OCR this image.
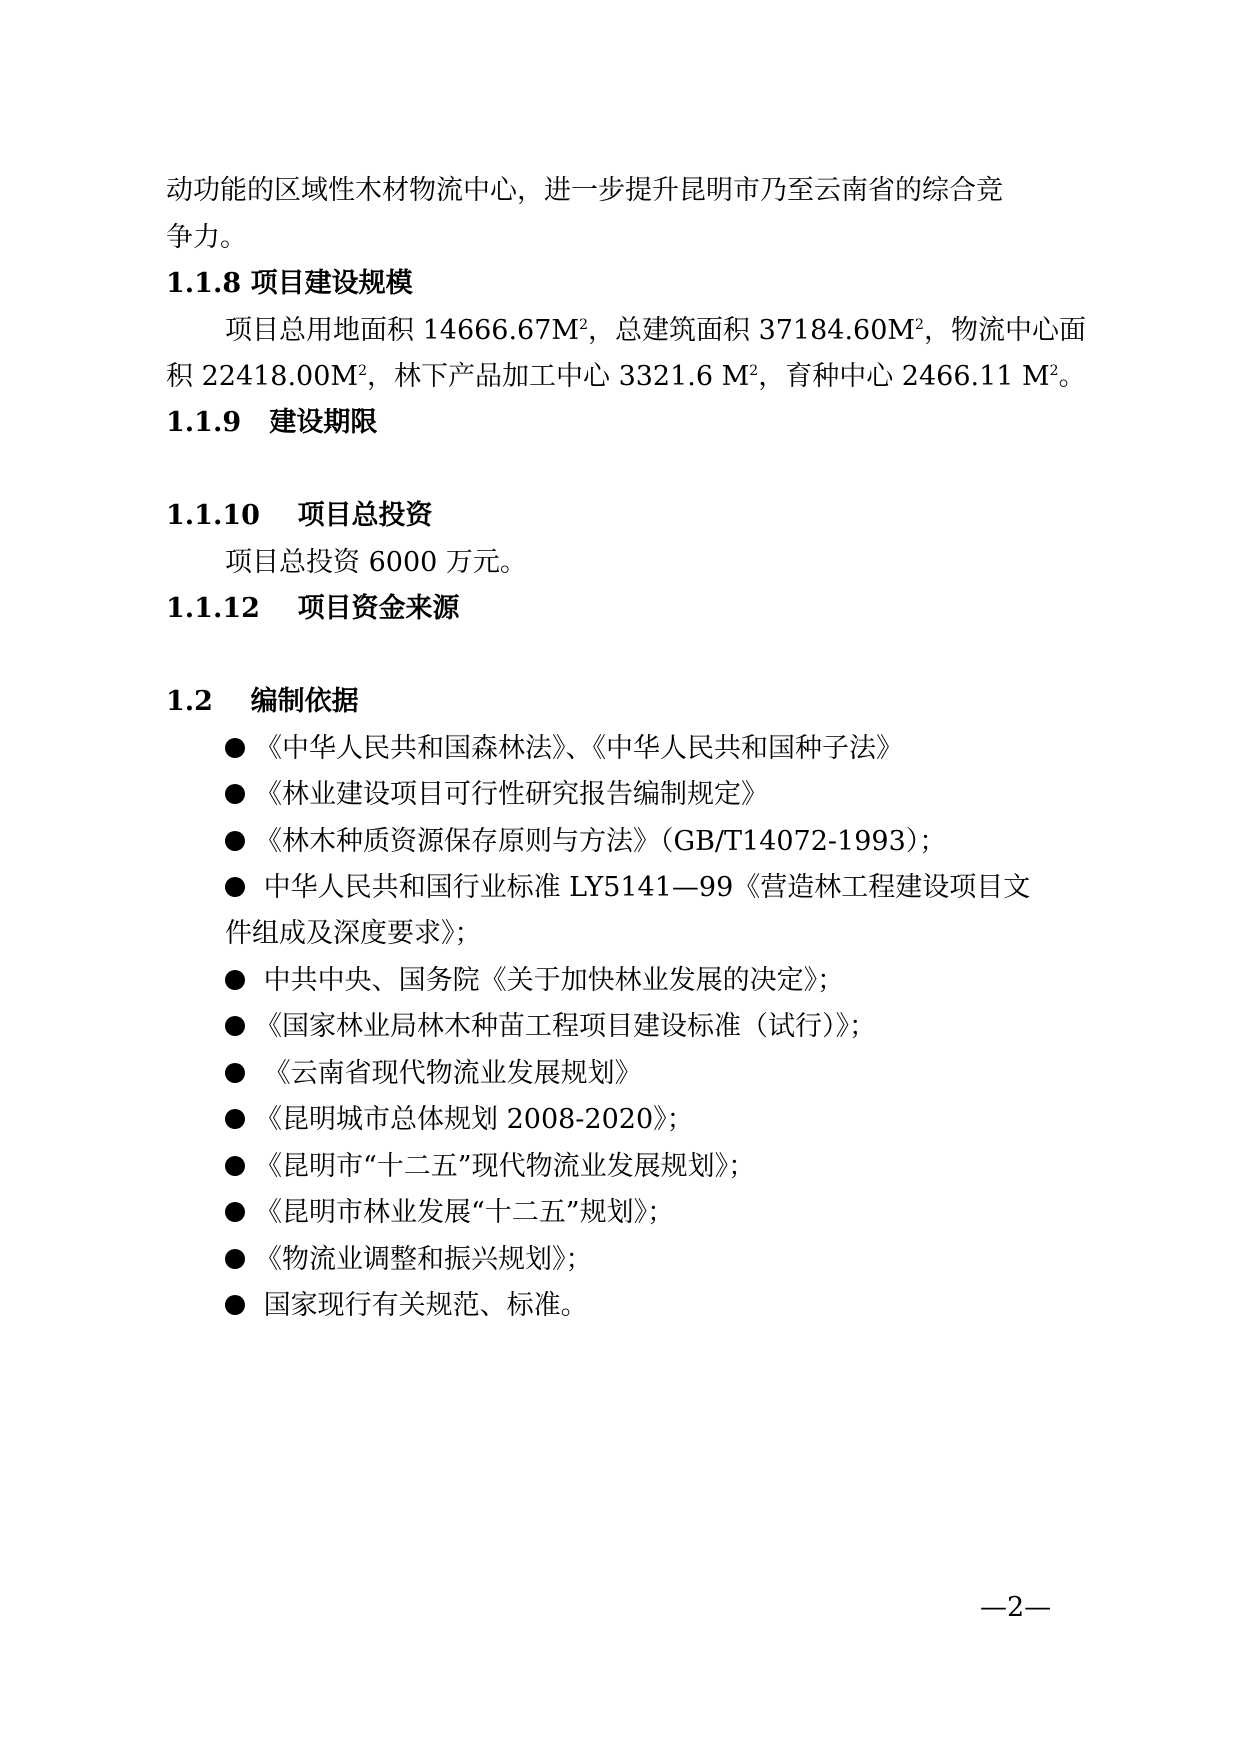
动功能的区域性木材物流中心，进一步提升昆明市乃至云南省的综合竞
争力。
1.1.8 项目建设规模
项目总用地面积 $14666.67M^2$，总建筑面积 $37184.60M^2$，物流中心面
积 $22418.00M^2$，林下产品加工中心 3321.6 $M^2$，育种中心 2466.11 $M^2$。
1.1.9 建设期限
1.1.10 项目总投资
项目总投资 6000 万元。
1.1.12 项目资金来源
1.2 编制依据
《中华人民共和国森林法》、《中华人民共和国种子法》
《林业建设项目可行性研究报告编制规定》
《林木种质资源保存原则与方法》（GB/T14072-1993）；
中华人民共和国行业标准 LY5141—99《营造林工程建设项目文
件组成及深度要求》；
中共中央、国务院《关于加快林业发展的决定》；
《国家林业局林木种苗工程项目建设标准（试行）》；
《云南省现代物流业发展规划》
《昆明城市总体规划 2008-2020》；
《昆明市“十二五”现代物流业发展规划》；
《昆明市林业发展“十二五”规划》；
《物流业调整和振兴规划》；
国家现行有关规范、标准。
—2—
